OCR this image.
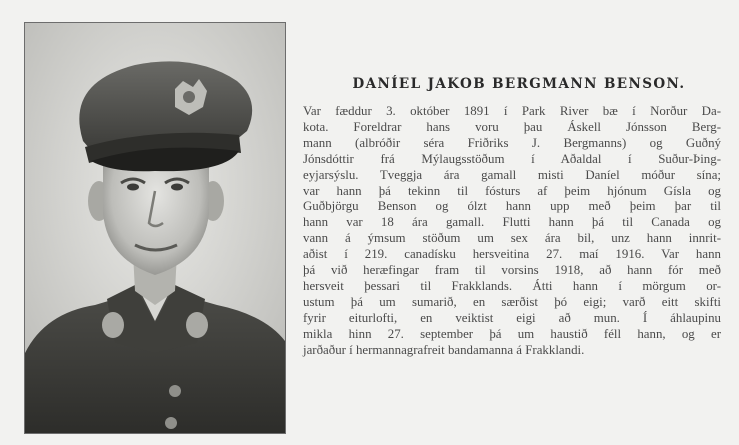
DANÍEL JAKOB BERGMANN BENSON.

Var fæddur 3. október 1891 í Park River bæ í Norður Da-
kota. Foreldrar hans voru þau Áskell Jónsson Berg-
mann (albróðir séra Friðriks J. Bergmanns) og Guðný
Jónsdóttir frá Mýlaugsstöðum í Aðaldal í Suður-Þing-
eyjarsýslu. Tveggja ára gamall misti Daníel móður sína;
var hann þá tekinn til fósturs af þeim hjónum Gísla og
Guðbjörgu Benson og ólzt hann upp með þeim þar til
hann var 18 ára gamall. Flutti hann þá til Canada og
vann á ýmsum stöðum um sex ára bil, unz hann innrit-
aðist í 219. canadísku hersveitina 27. maí 1916. Var hann
þá við heræfingar fram til vorsins 1918, að hann fór með
hersveit þessari til Frakklands. Átti hann í mörgum or-
ustum þá um sumarið, en særðist þó eigi; varð eitt skifti
fyrir eiturlofti, en veiktist eigi að mun. Í áhlaupinu
mikla hinn 27. september þá um haustið féll hann, og er
jarðaður í hermannagrafreit bandamanna á Frakklandi.
